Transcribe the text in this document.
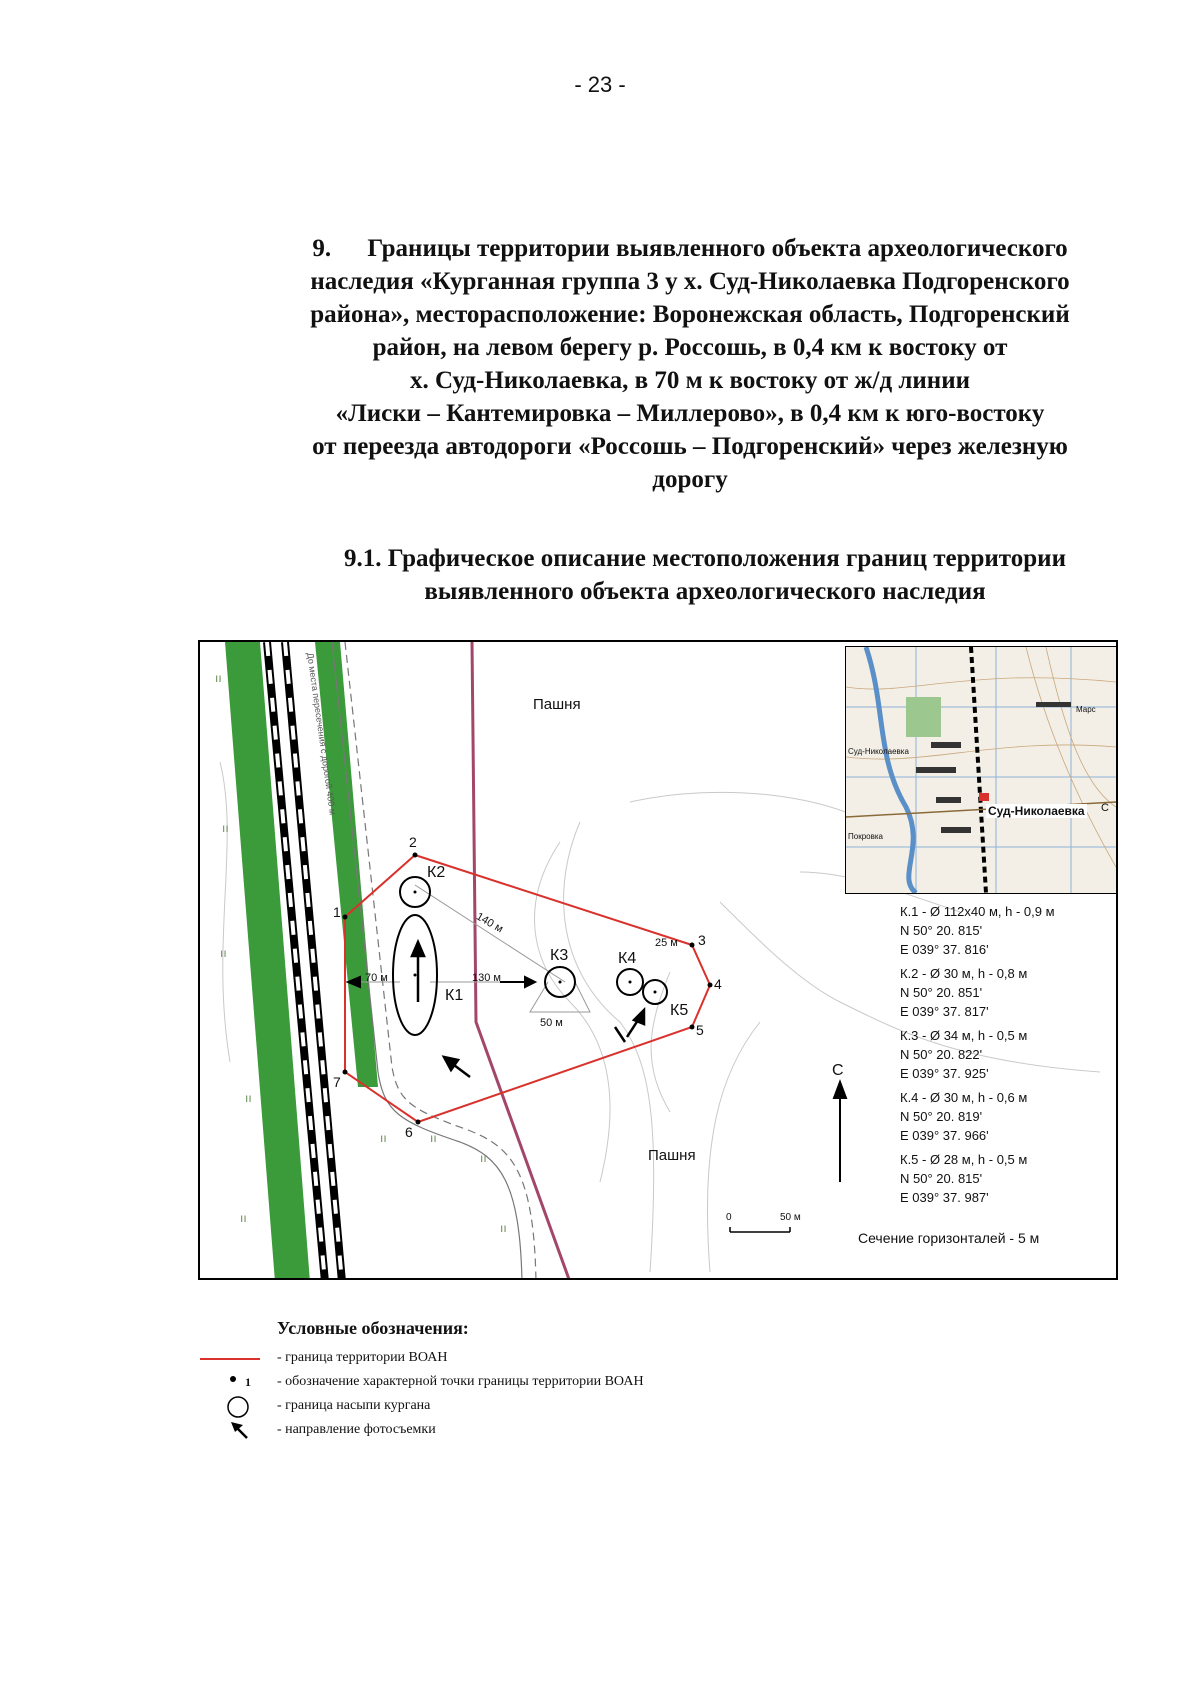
- 23 -
9. Границы территории выявленного объекта археологического
наследия «Курганная группа 3 у х. Суд-Николаевка Подгоренского
района», месторасположение: Воронежская область, Подгоренский
район, на левом берегу р. Россошь, в 0,4 км к востоку от
х. Суд-Николаевка, в 70 м к востоку от ж/д линии
«Лиски – Кантемировка – Миллерово», в 0,4 км к юго-востоку
от переезда автодороги «Россошь – Подгоренский» через железную
дорогу
9.1. Графическое описание местоположения границ территории
выявленного объекта археологического наследия
ıı
ıı
ıı
ıı
ıı
ıı	ıı
ıı
ıı
Пашня
Пашня
До места пересечения с дорогой 400 м
2
1
3
4
5
6
7
К2
К1
К3	К4
К5
140 м
130 м
70 м
25 м
50 м
С
0	50 м
Сечение горизонталей - 5 м
Суд-Николаевка С
Суд-Николаевка
Покровка
Марс
К.1 - Ø 112х40 м, h - 0,9 м
N 50° 20. 815'
E 039° 37. 816'
К.2 - Ø 30 м, h - 0,8 м
N 50° 20. 851'
E 039° 37. 817'
К.3 - Ø 34 м, h - 0,5 м
N 50° 20. 822'
E 039° 37. 925'
К.4 - Ø 30 м, h - 0,6 м
N 50° 20. 819'
E 039° 37. 966'
К.5 - Ø 28 м, h - 0,5 м
N 50° 20. 815'
E 039° 37. 987'
Условные обозначения:
- граница территории ВОАН
1 - обозначение характерной точки границы территории ВОАН
- граница насыпи кургана
- направление фотосъемки
